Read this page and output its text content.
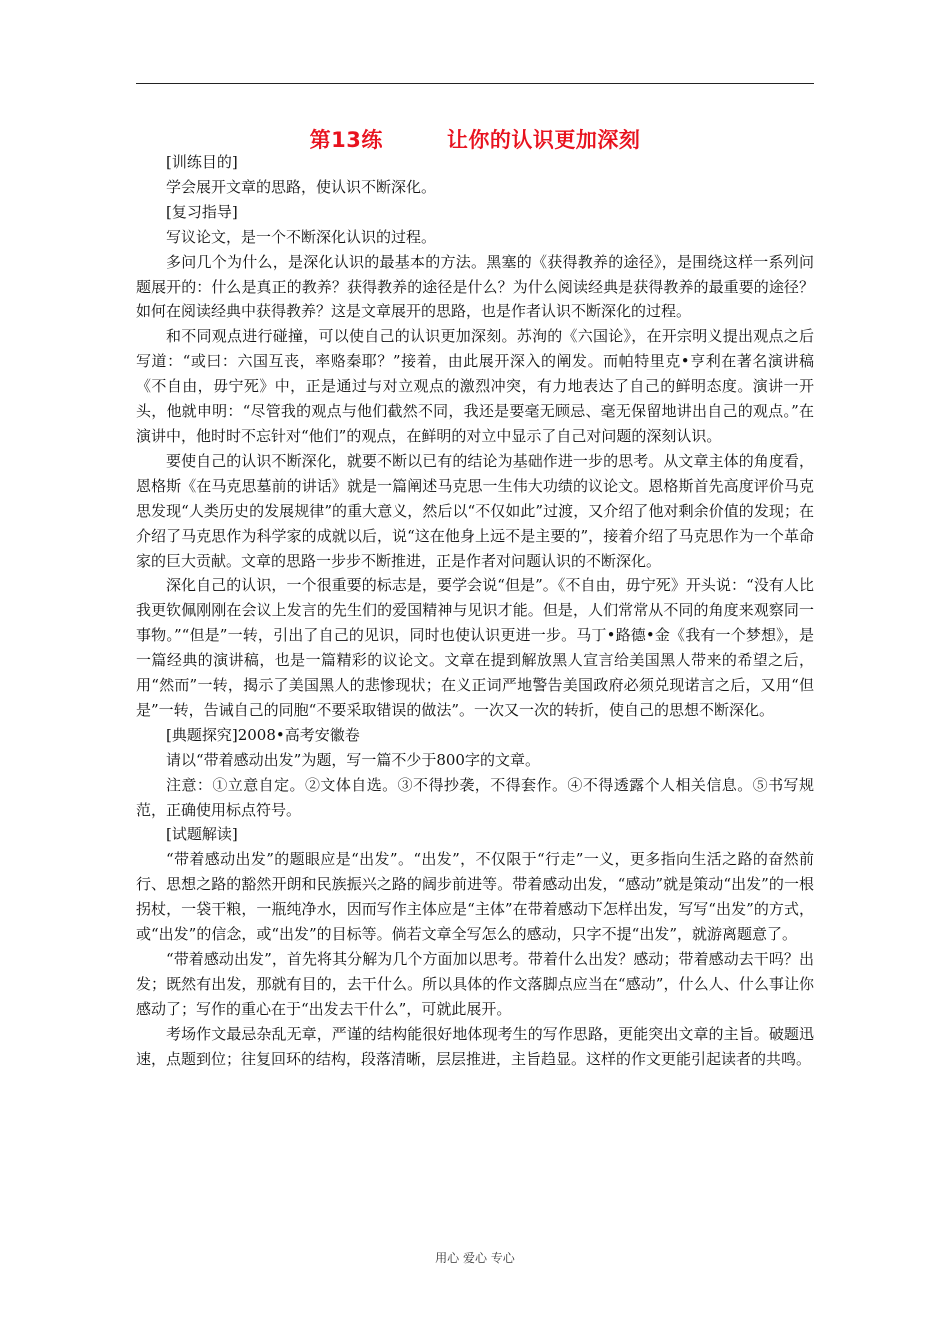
第13练	让你的认识更加深刻

[训练目的]

学会展开文章的思路，使认识不断深化。

[复习指导]

写议论文，是一个不断深化认识的过程。

多问几个为什么，是深化认识的最基本的方法。黑塞的《获得教养的途径》，是围绕这样一系列问题展开的：什么是真正的教养？获得教养的途径是什么？为什么阅读经典是获得教养的最重要的途径？如何在阅读经典中获得教养？这是文章展开的思路，也是作者认识不断深化的过程。

和不同观点进行碰撞，可以使自己的认识更加深刻。苏洵的《六国论》，在开宗明义提出观点之后写道：“或曰：六国互丧，率赂秦耶？”接着，由此展开深入的阐发。而帕特里克•亨利在著名演讲稿《不自由，毋宁死》中，正是通过与对立观点的激烈冲突，有力地表达了自己的鲜明态度。演讲一开头，他就申明：“尽管我的观点与他们截然不同，我还是要毫无顾忌、毫无保留地讲出自己的观点。”在演讲中，他时时不忘针对“他们”的观点，在鲜明的对立中显示了自己对问题的深刻认识。

要使自己的认识不断深化，就要不断以已有的结论为基础作进一步的思考。从文章主体的角度看，恩格斯《在马克思墓前的讲话》就是一篇阐述马克思一生伟大功绩的议论文。恩格斯首先高度评价马克思发现“人类历史的发展规律”的重大意义，然后以“不仅如此”过渡，又介绍了他对剩余价值的发现；在介绍了马克思作为科学家的成就以后，说“这在他身上远不是主要的”，接着介绍了马克思作为一个革命家的巨大贡献。文章的思路一步步不断推进，正是作者对问题认识的不断深化。

深化自己的认识，一个很重要的标志是，要学会说“但是”。《不自由，毋宁死》开头说：“没有人比我更钦佩刚刚在会议上发言的先生们的爱国精神与见识才能。但是，人们常常从不同的角度来观察同一事物。”“但是”一转，引出了自己的见识，同时也使认识更进一步。马丁•路德•金《我有一个梦想》，是一篇经典的演讲稿，也是一篇精彩的议论文。文章在提到解放黑人宣言给美国黑人带来的希望之后，用“然而”一转，揭示了美国黑人的悲惨现状；在义正词严地警告美国政府必须兑现诺言之后，又用“但是”一转，告诫自己的同胞“不要采取错误的做法”。一次又一次的转折，使自己的思想不断深化。

[典题探究]2008•高考安徽卷

请以“带着感动出发”为题，写一篇不少于800字的文章。

注意：①立意自定。②文体自选。③不得抄袭，不得套作。④不得透露个人相关信息。⑤书写规范，正确使用标点符号。

[试题解读]

“带着感动出发”的题眼应是“出发”。“出发”，不仅限于“行走”一义，更多指向生活之路的奋然前行、思想之路的豁然开朗和民族振兴之路的阔步前进等。带着感动出发，“感动”就是策动“出发”的一根拐杖，一袋干粮，一瓶纯净水，因而写作主体应是“主体”在带着感动下怎样出发，写写“出发”的方式，或“出发”的信念，或“出发”的目标等。倘若文章全写怎么的感动，只字不提“出发”，就游离题意了。

“带着感动出发”，首先将其分解为几个方面加以思考。带着什么出发？感动；带着感动去干吗？出发；既然有出发，那就有目的，去干什么。所以具体的作文落脚点应当在“感动”，什么人、什么事让你感动了；写作的重心在于“出发去干什么”，可就此展开。

考场作文最忌杂乱无章，严谨的结构能很好地体现考生的写作思路，更能突出文章的主旨。破题迅速，点题到位；往复回环的结构，段落清晰，层层推进，主旨趋显。这样的作文更能引起读者的共鸣。

用心 爱心 专心
